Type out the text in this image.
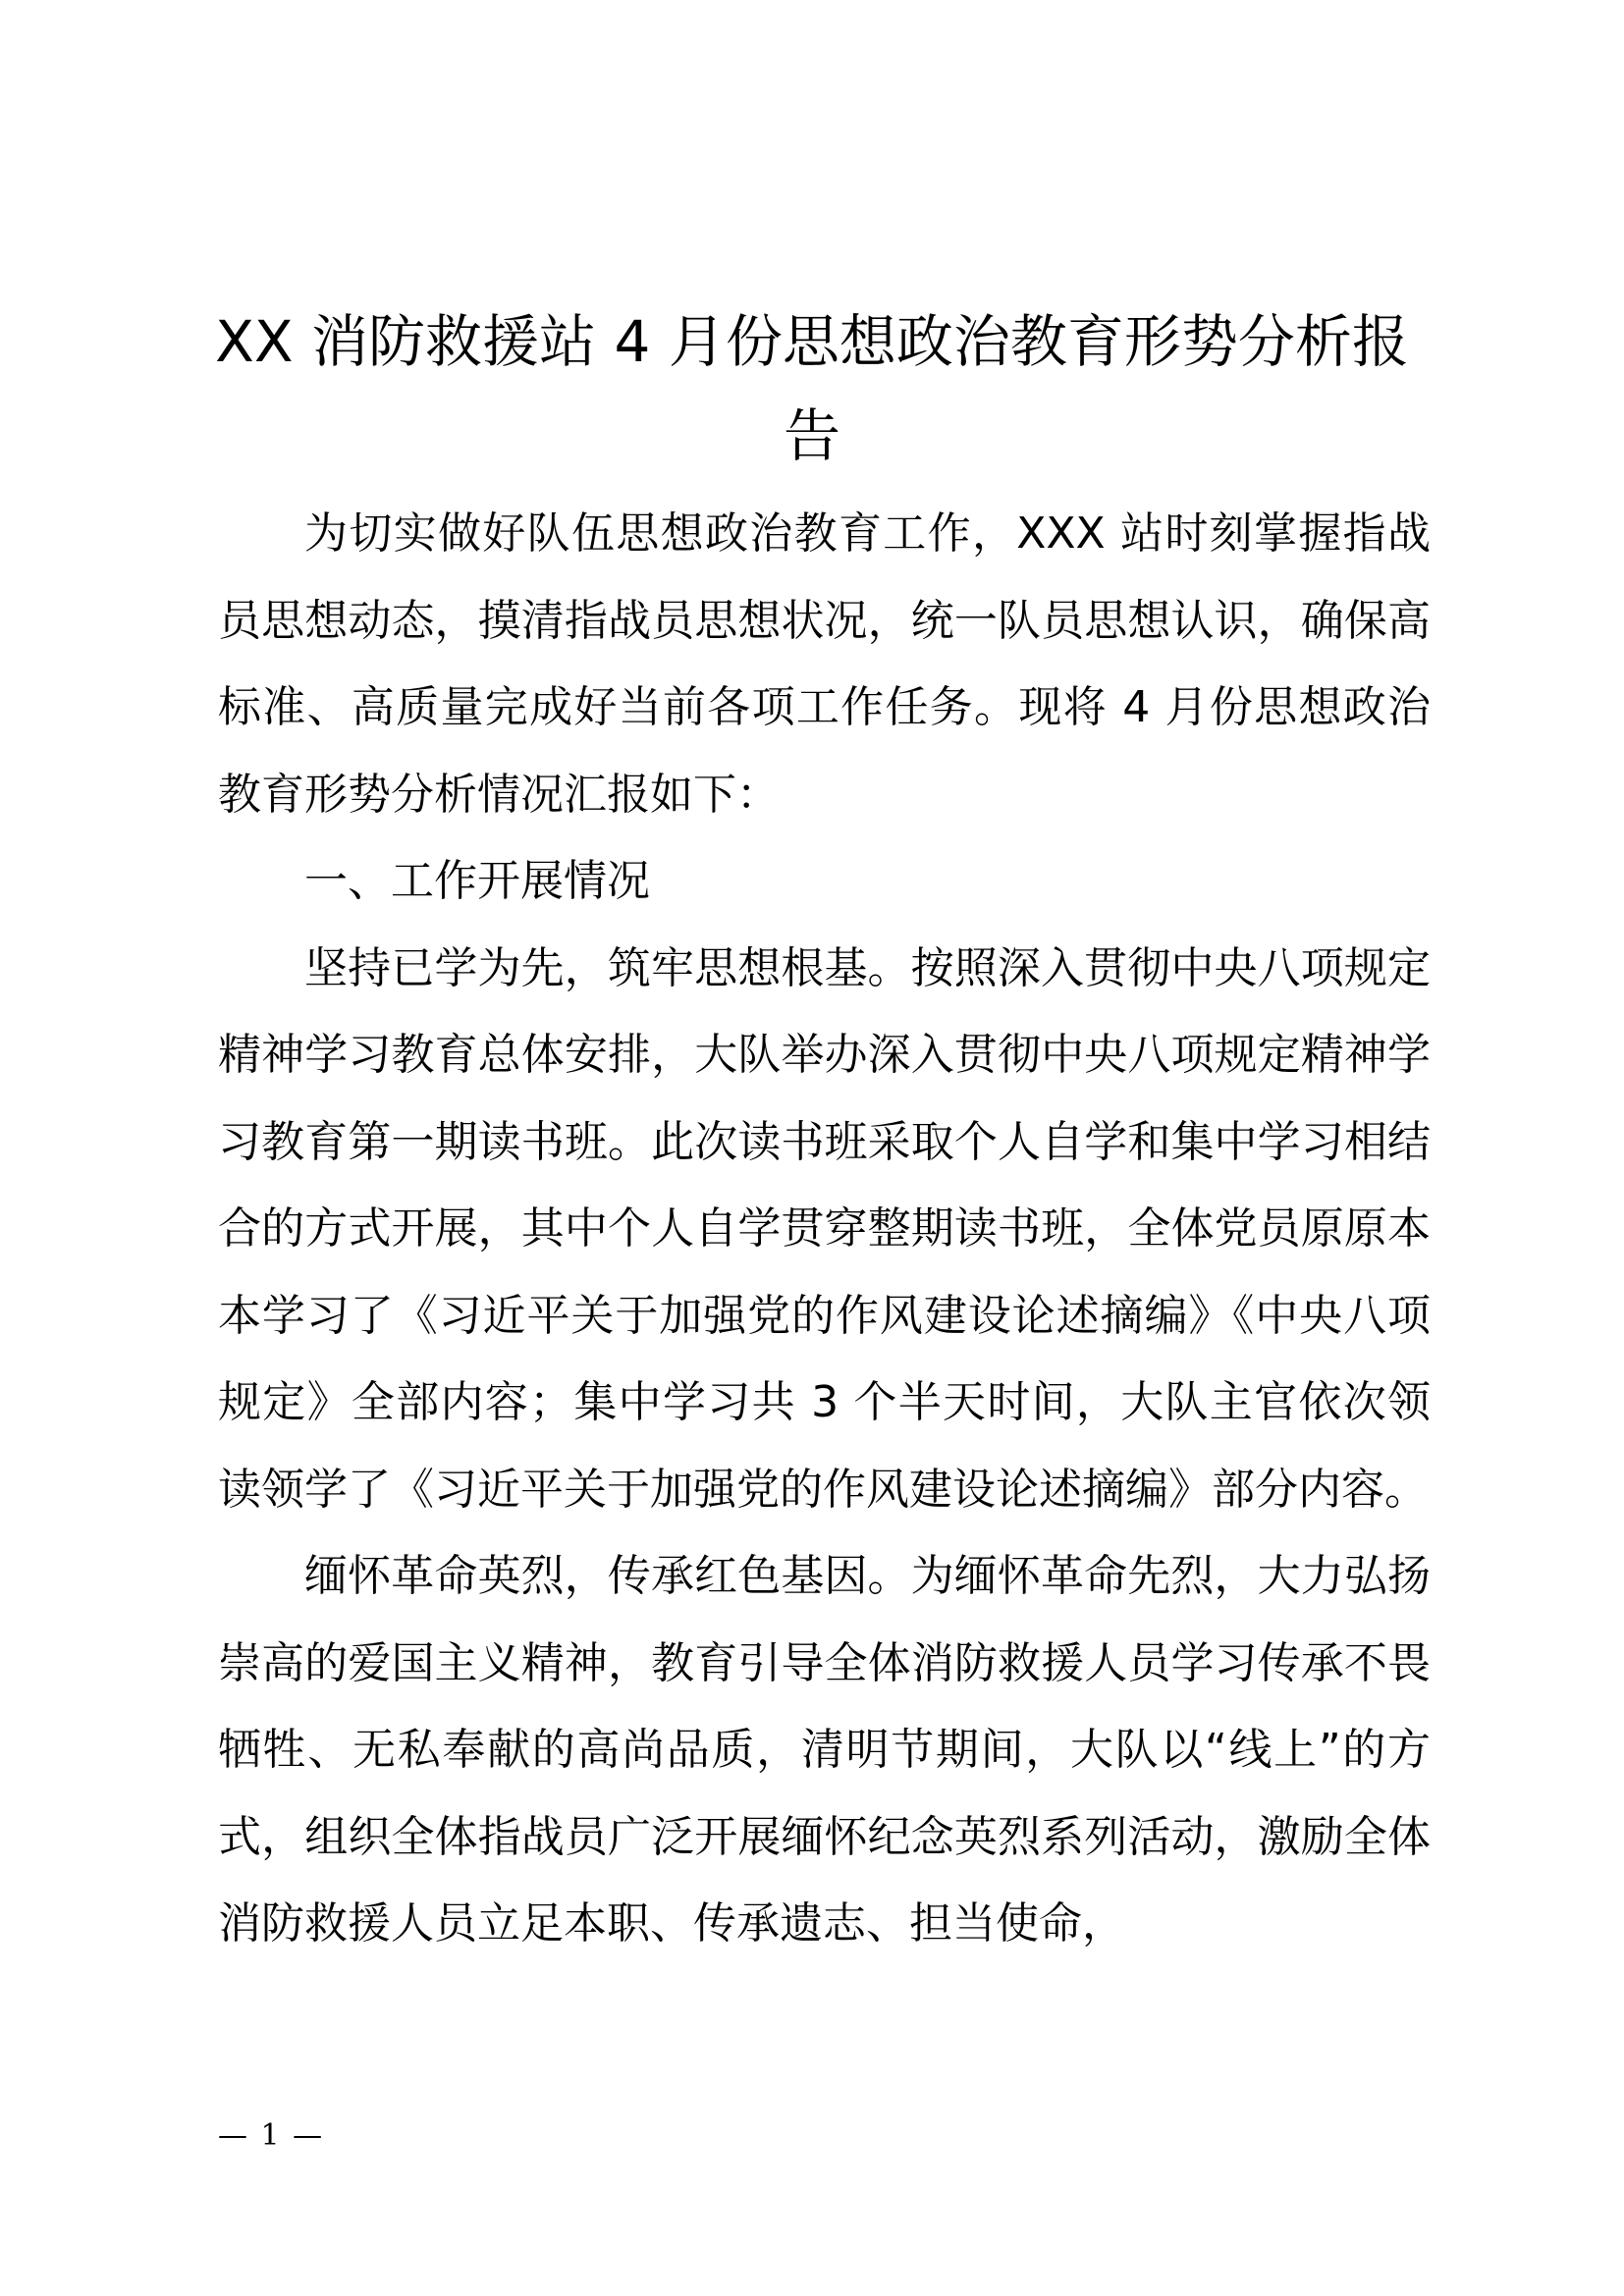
XX 消防救援站 4 月份思想政治教育形势分析报告

为切实做好队伍思想政治教育工作，XXX 站时刻掌握指战员思想动态，摸清指战员思想状况，统一队员思想认识，确保高标准、高质量完成好当前各项工作任务。现将 4 月份思想政治教育形势分析情况汇报如下：

一、工作开展情况

坚持已学为先，筑牢思想根基。按照深入贯彻中央八项规定精神学习教育总体安排，大队举办深入贯彻中央八项规定精神学习教育第一期读书班。此次读书班采取个人自学和集中学习相结合的方式开展，其中个人自学贯穿整期读书班，全体党员原原本本学习了《习近平关于加强党的作风建设论述摘编》《中央八项规定》全部内容；集中学习共 3 个半天时间，大队主官依次领读领学了《习近平关于加强党的作风建设论述摘编》部分内容。

缅怀革命英烈，传承红色基因。为缅怀革命先烈，大力弘扬崇高的爱国主义精神，教育引导全体消防救援人员学习传承不畏牺牲、无私奉献的高尚品质，清明节期间，大队以“线上”的方式，组织全体指战员广泛开展缅怀纪念英烈系列活动，激励全体消防救援人员立足本职、传承遗志、担当使命，

— 1 —
